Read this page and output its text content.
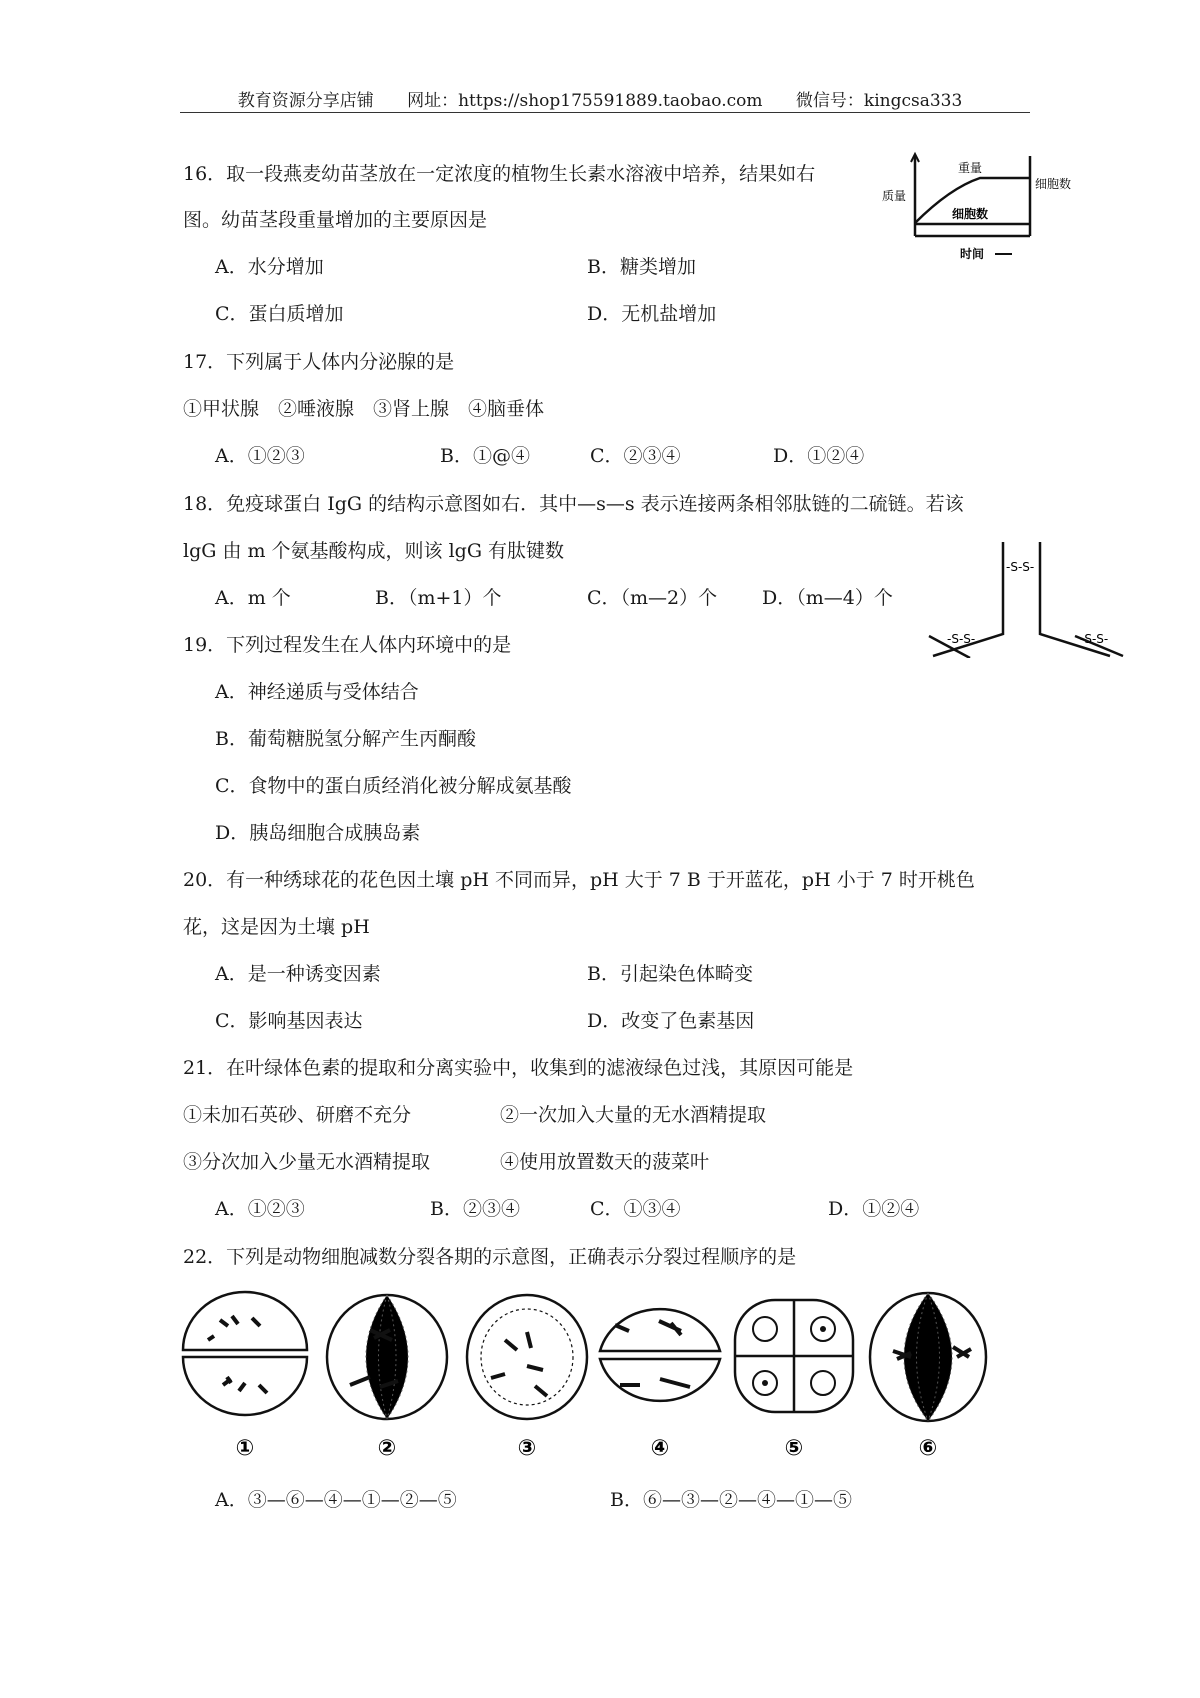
教育资源分享店铺 网址：https://shop175591889.taobao.com 微信号：kingcsa333
16．取一段燕麦幼苗茎放在一定浓度的植物生长素水溶液中培养，结果如右
图。幼苗茎段重量增加的主要原因是
A．水分增加	B．糖类增加
C．蛋白质增加	D．无机盐增加
质量
重量
细胞数
细胞数
时间
17．下列属于人体内分泌腺的是
①甲状腺　②唾液腺　③肾上腺　④脑垂体
A．①②③	B．①@④	C．②③④	D．①②④
18．免疫球蛋白 IgG 的结构示意图如右．其中—s—s 表示连接两条相邻肽链的二硫链。若该
lgG 由 m 个氨基酸构成，则该 lgG 有肽键数
A．m 个	B．（m+1）个	C．（m—2）个 D．（m—4）个
-S-S-
-S-S-	-S-S-
19．下列过程发生在人体内环境中的是
A．神经递质与受体结合
B．葡萄糖脱氢分解产生丙酮酸
C．食物中的蛋白质经消化被分解成氨基酸
D．胰岛细胞合成胰岛素
20．有一种绣球花的花色因土壤 pH 不同而异，pH 大于 7 B 于开蓝花，pH 小于 7 时开桃色
花，这是因为土壤 pH
A．是一种诱变因素	B．引起染色体畸变
C．影响基因表达	D．改变了色素基因
21．在叶绿体色素的提取和分离实验中，收集到的滤液绿色过浅，其原因可能是
①未加石英砂、研磨不充分	②一次加入大量的无水酒精提取
③分次加入少量无水酒精提取	④使用放置数天的菠菜叶
A．①②③	B．②③④	C．①③④	D．①②④
22．下列是动物细胞减数分裂各期的示意图，正确表示分裂过程顺序的是
①	②	③	④	⑤	⑥
A．③—⑥—④—①—②—⑤	B．⑥—③—②—④—①—⑤
